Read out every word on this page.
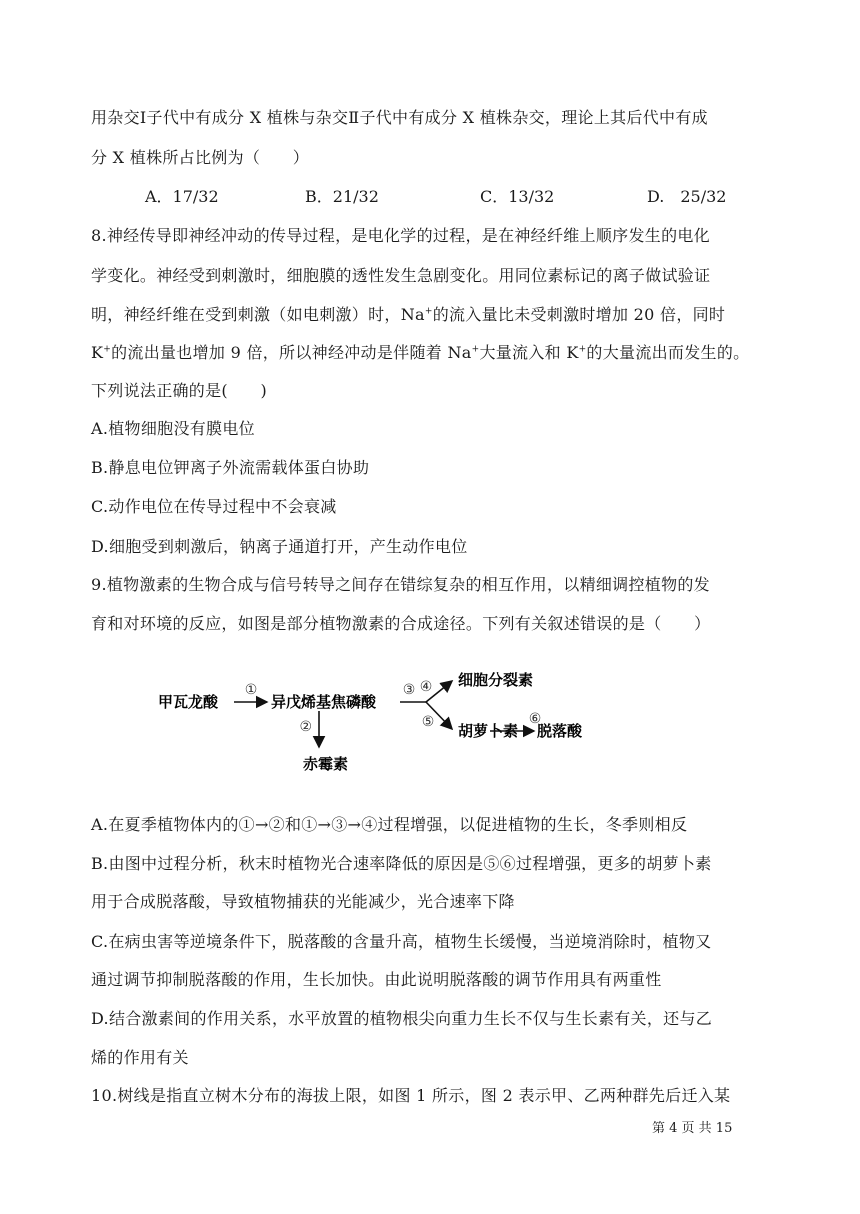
用杂交Ⅰ子代中有成分 X 植株与杂交Ⅱ子代中有成分 X 植株杂交，理论上其后代中有成
分 X 植株所占比例为（　　）
A．17/32	B．21/32	C．13/32	D.　25/32
8.神经传导即神经冲动的传导过程，是电化学的过程，是在神经纤维上顺序发生的电化
学变化。神经受到刺激时，细胞膜的透性发生急剧变化。用同位素标记的离子做试验证
明，神经纤维在受到刺激（如电刺激）时，Na+的流入量比未受刺激时增加 20 倍，同时
K+的流出量也增加 9 倍，所以神经冲动是伴随着 Na+大量流入和 K+的大量流出而发生的。
下列说法正确的是(　　)
A.植物细胞没有膜电位
B.静息电位钾离子外流需载体蛋白协助
C.动作电位在传导过程中不会衰减
D.细胞受到刺激后，钠离子通道打开，产生动作电位
9.植物激素的生物合成与信号转导之间存在错综复杂的相互作用，以精细调控植物的发
育和对环境的反应，如图是部分植物激素的合成途径。下列有关叙述错误的是（　　）
甲瓦龙酸	异戊烯基焦磷酸
细胞分裂素
胡萝卜素 脱落酸
赤霉素
①
②
③ ④
⑤	⑥
A.在夏季植物体内的①→②和①→③→④过程增强，以促进植物的生长，冬季则相反
B.由图中过程分析，秋末时植物光合速率降低的原因是⑤⑥过程增强，更多的胡萝卜素
用于合成脱落酸，导致植物捕获的光能减少，光合速率下降
C.在病虫害等逆境条件下，脱落酸的含量升高，植物生长缓慢，当逆境消除时，植物又
通过调节抑制脱落酸的作用，生长加快。由此说明脱落酸的调节作用具有两重性
D.结合激素间的作用关系，水平放置的植物根尖向重力生长不仅与生长素有关，还与乙
烯的作用有关
10.树线是指直立树木分布的海拔上限，如图 1 所示，图 2 表示甲、乙两种群先后迁入某
第 4 页 共 15
